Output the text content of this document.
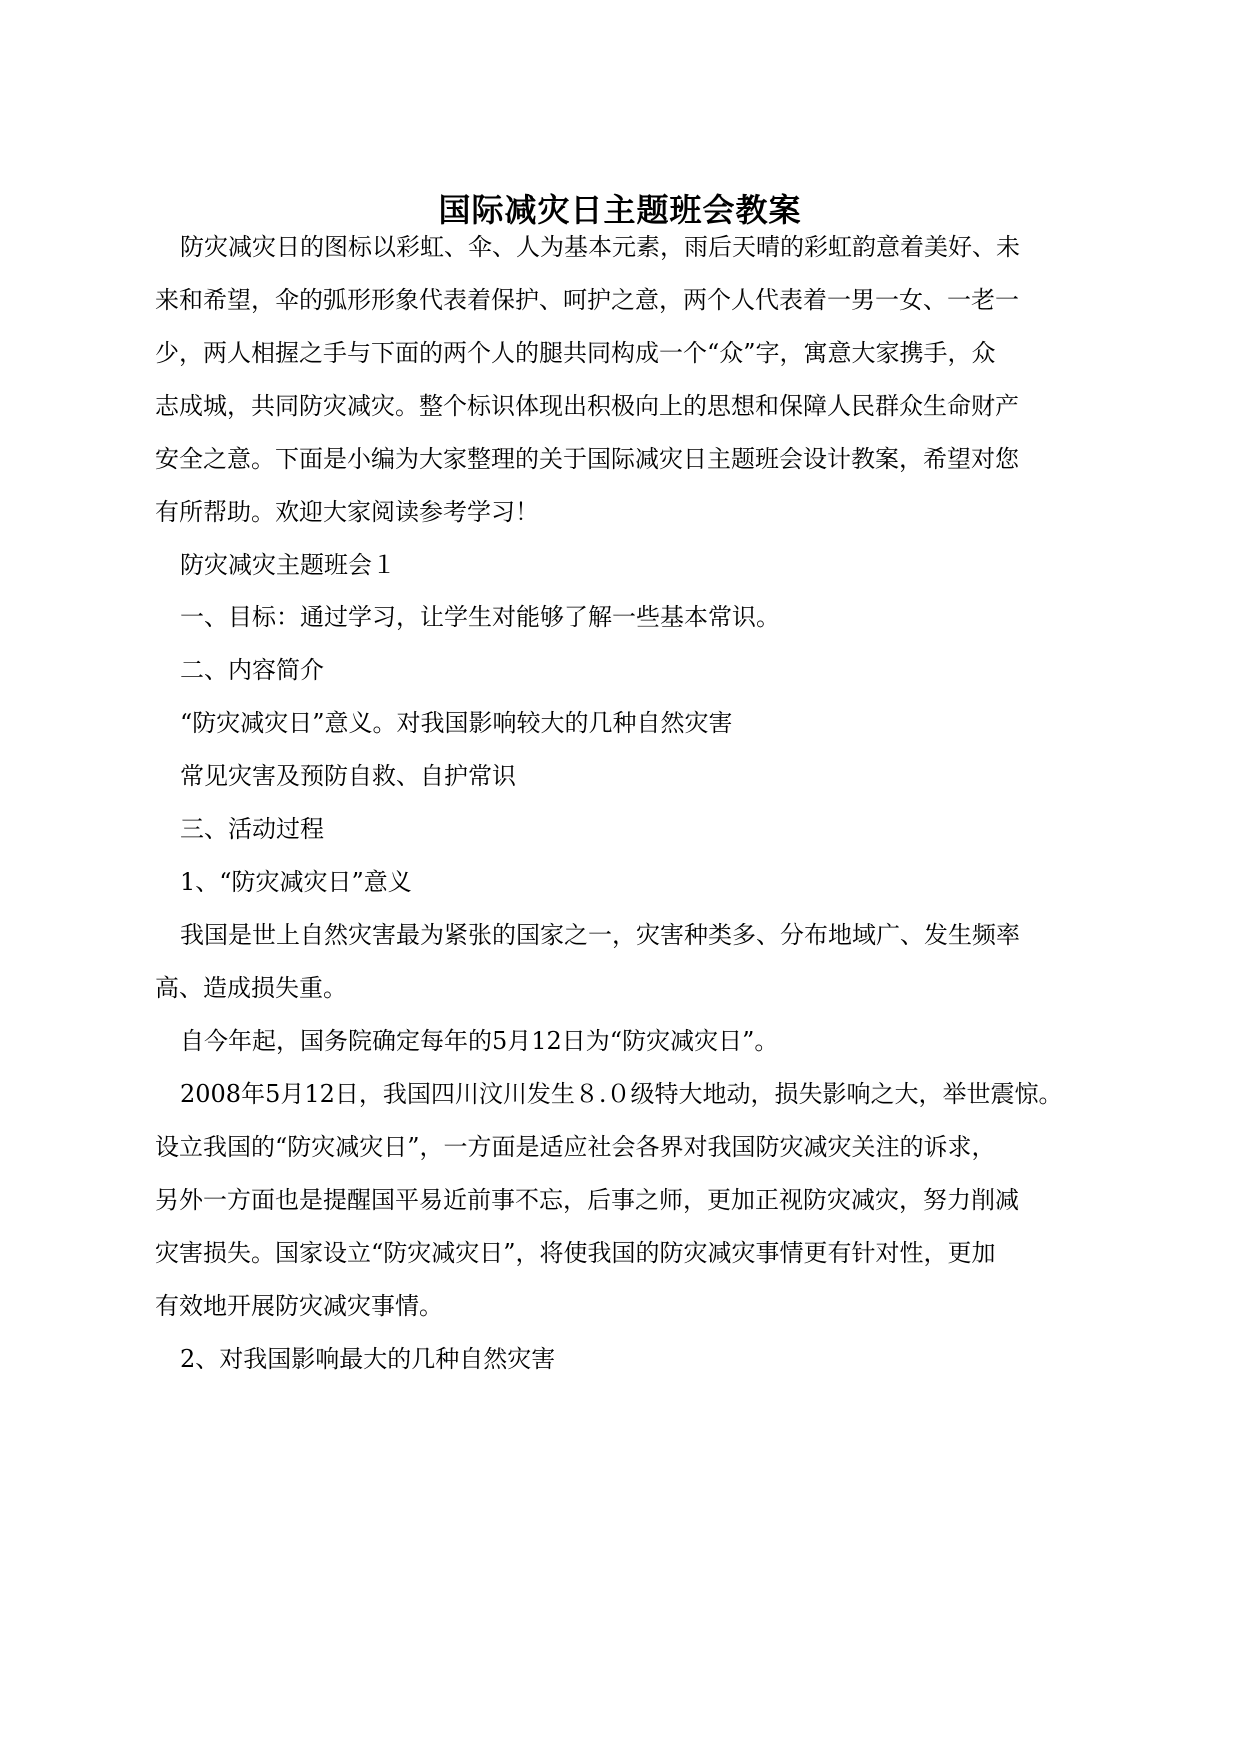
国际减灾日主题班会教案
防灾减灾日的图标以彩虹、伞、人为基本元素，雨后天晴的彩虹韵意着美好、未
来和希望，伞的弧形形象代表着保护、呵护之意，两个人代表着一男一女、一老一
少，两人相握之手与下面的两个人的腿共同构成一个“众”字，寓意大家携手，众
志成城，共同防灾减灾。整个标识体现出积极向上的思想和保障人民群众生命财产
安全之意。下面是小编为大家整理的关于国际减灾日主题班会设计教案，希望对您
有所帮助。欢迎大家阅读参考学习！
防灾减灾主题班会１
一、目标：通过学习，让学生对能够了解一些基本常识。
二、内容简介
“防灾减灾日”意义。对我国影响较大的几种自然灾害
常见灾害及预防自救、自护常识
三、活动过程
1、“防灾减灾日”意义
我国是世上自然灾害最为紧张的国家之一，灾害种类多、分布地域广、发生频率
高、造成损失重。
自今年起，国务院确定每年的5月12日为“防灾减灾日”。
2008年5月12日，我国四川汶川发生８.０级特大地动，损失影响之大，举世震惊。
设立我国的“防灾减灾日”，一方面是适应社会各界对我国防灾减灾关注的诉求，
另外一方面也是提醒国平易近前事不忘，后事之师，更加正视防灾减灾，努力削减
灾害损失。国家设立“防灾减灾日”，将使我国的防灾减灾事情更有针对性，更加
有效地开展防灾减灾事情。
2、对我国影响最大的几种自然灾害
